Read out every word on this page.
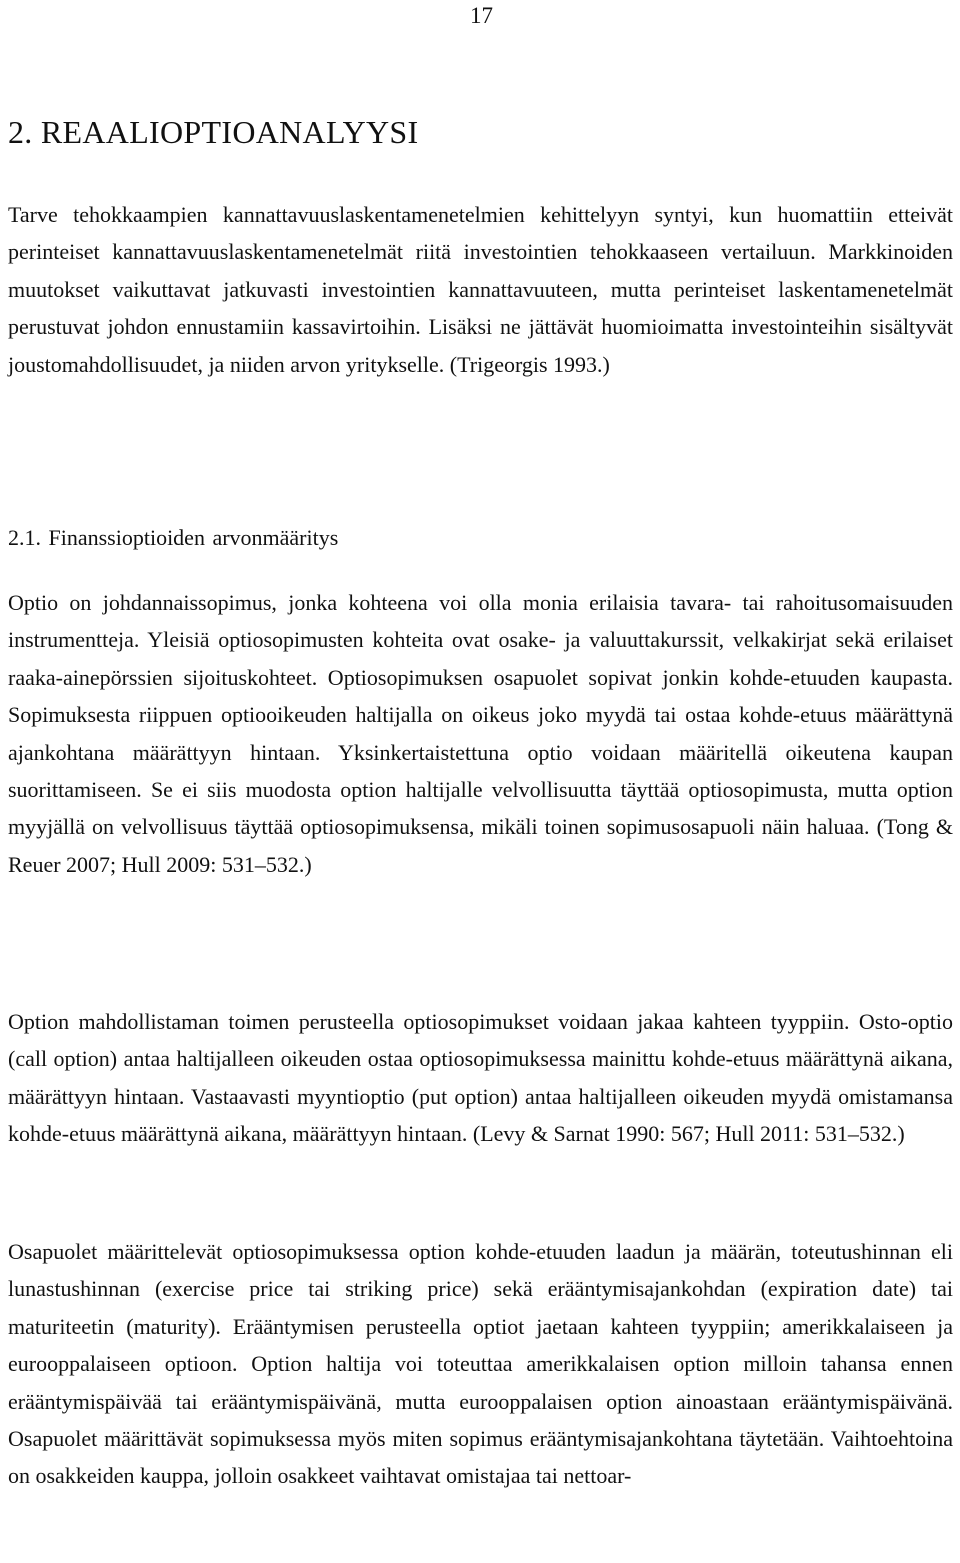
17
2. REAALIOPTIOANALYYSI

Tarve tehokkaampien kannattavuuslaskentamenetelmien kehittelyyn syntyi, kun huomattiin etteivät perinteiset kannattavuuslaskentamenetelmät riitä investointien tehokkaaseen vertailuun. Markkinoiden muutokset vaikuttavat jatkuvasti investointien kannattavuuteen, mutta perinteiset laskentamenetelmät perustuvat johdon ennustamiin kassavirtoihin. Lisäksi ne jättävät huomioimatta investointeihin sisältyvät joustomahdollisuudet, ja niiden arvon yritykselle. (Trigeorgis 1993.)

2.1. Finanssioptioiden arvonmääritys

Optio on johdannaissopimus, jonka kohteena voi olla monia erilaisia tavara- tai rahoitusomaisuuden instrumentteja. Yleisiä optiosopimusten kohteita ovat osake- ja valuuttakurssit, velkakirjat sekä erilaiset raaka-ainepörssien sijoituskohteet. Optiosopimuksen osapuolet sopivat jonkin kohde-etuuden kaupasta. Sopimuksesta riippuen optiooikeuden haltijalla on oikeus joko myydä tai ostaa kohde-etuus määrättynä ajankohtana määrättyyn hintaan. Yksinkertaistettuna optio voidaan määritellä oikeutena kaupan suorittamiseen. Se ei siis muodosta option haltijalle velvollisuutta täyttää optiosopimusta, mutta option myyjällä on velvollisuus täyttää optiosopimuksensa, mikäli toinen sopimusosapuoli näin haluaa. (Tong & Reuer 2007; Hull 2009: 531–532.)

Option mahdollistaman toimen perusteella optiosopimukset voidaan jakaa kahteen tyyppiin. Osto-optio (call option) antaa haltijalleen oikeuden ostaa optiosopimuksessa mainittu kohde-etuus määrättynä aikana, määrättyyn hintaan. Vastaavasti myyntioptio (put option) antaa haltijalleen oikeuden myydä omistamansa kohde-etuus määrättynä aikana, määrättyyn hintaan. (Levy & Sarnat 1990: 567; Hull 2011: 531–532.)

Osapuolet määrittelevät optiosopimuksessa option kohde-etuuden laadun ja määrän, toteutushinnan eli lunastushinnan (exercise price tai striking price) sekä erääntymisajankohdan (expiration date) tai maturiteetin (maturity). Erääntymisen perusteella optiot jaetaan kahteen tyyppiin; amerikkalaiseen ja eurooppalaiseen optioon. Option haltija voi toteuttaa amerikkalaisen option milloin tahansa ennen erääntymispäivää tai erääntymispäivänä, mutta eurooppalaisen option ainoastaan erääntymispäivänä. Osapuolet määrittävät sopimuksessa myös miten sopimus erääntymisajankohtana täytetään. Vaihtoehtoina on osakkeiden kauppa, jolloin osakkeet vaihtavat omistajaa tai nettoar-
